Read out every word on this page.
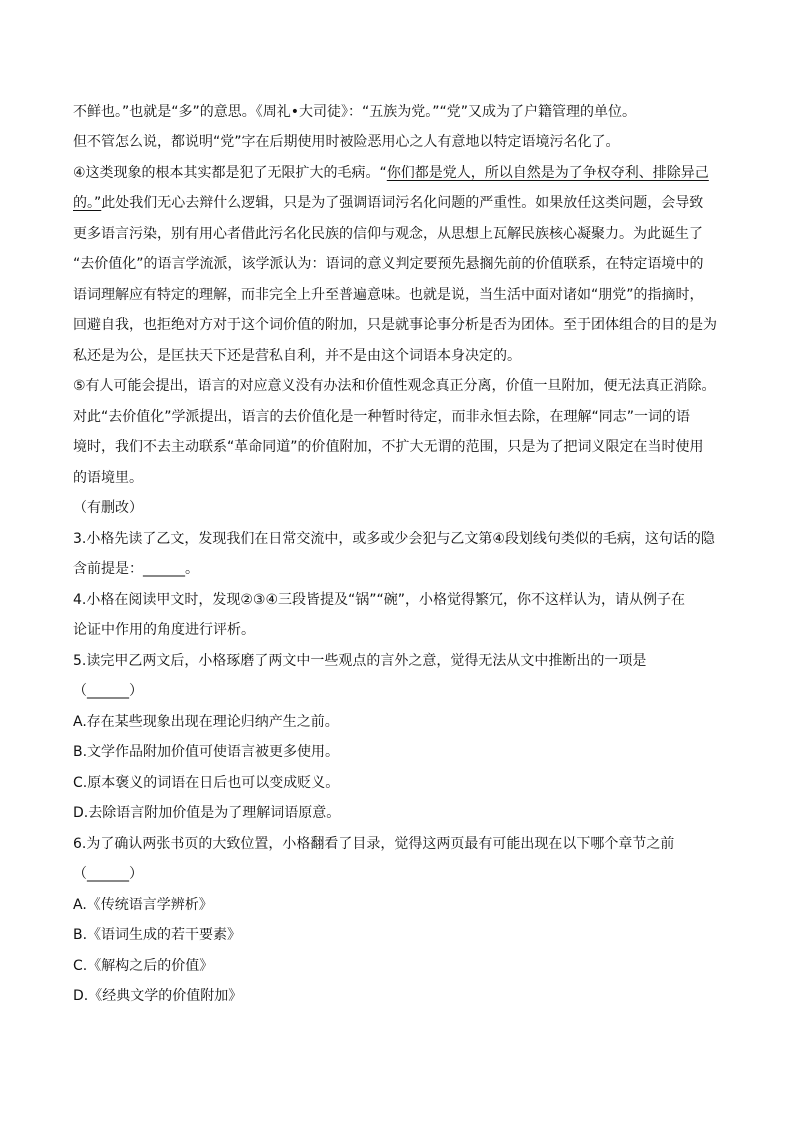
不鲜也。”也就是“多”的意思。《周礼•大司徒》：“五族为党。”“党”又成为了户籍管理的单位。
但不管怎么说，都说明“党”字在后期使用时被险恶用心之人有意地以特定语境污名化了。
④这类现象的根本其实都是犯了无限扩大的毛病。“你们都是党人，所以自然是为了争权夺利、排除异己
的。”此处我们无心去辩什么逻辑，只是为了强调语词污名化问题的严重性。如果放任这类问题，会导致
更多语言污染，别有用心者借此污名化民族的信仰与观念，从思想上瓦解民族核心凝聚力。为此诞生了
“去价值化”的语言学流派，该学派认为：语词的意义判定要预先悬搁先前的价值联系，在特定语境中的
语词理解应有特定的理解，而非完全上升至普遍意味。也就是说，当生活中面对诸如“朋党”的指摘时，
回避自我，也拒绝对方对于这个词价值的附加，只是就事论事分析是否为团体。至于团体组合的目的是为
私还是为公，是匡扶天下还是营私自利，并不是由这个词语本身决定的。
⑤有人可能会提出，语言的对应意义没有办法和价值性观念真正分离，价值一旦附加，便无法真正消除。
对此“去价值化”学派提出，语言的去价值化是一种暂时待定，而非永恒去除，在理解“同志”一词的语
境时，我们不去主动联系“革命同道”的价值附加，不扩大无谓的范围，只是为了把词义限定在当时使用
的语境里。
（有删改）
3.小格先读了乙文，发现我们在日常交流中，或多或少会犯与乙文第④段划线句类似的毛病，这句话的隐
含前提是：______。
4.小格在阅读甲文时，发现②③④三段皆提及“锅”“碗”，小格觉得繁冗，你不这样认为，请从例子在
论证中作用的角度进行评析。
5.读完甲乙两文后，小格琢磨了两文中一些观点的言外之意，觉得无法从文中推断出的一项是
（______）
A.存在某些现象出现在理论归纳产生之前。
B.文学作品附加价值可使语言被更多使用。
C.原本褒义的词语在日后也可以变成贬义。
D.去除语言附加价值是为了理解词语原意。
6.为了确认两张书页的大致位置，小格翻看了目录，觉得这两页最有可能出现在以下哪个章节之前
（______）
A.《传统语言学辨析》
B.《语词生成的若干要素》
C.《解构之后的价值》
D.《经典文学的价值附加》
